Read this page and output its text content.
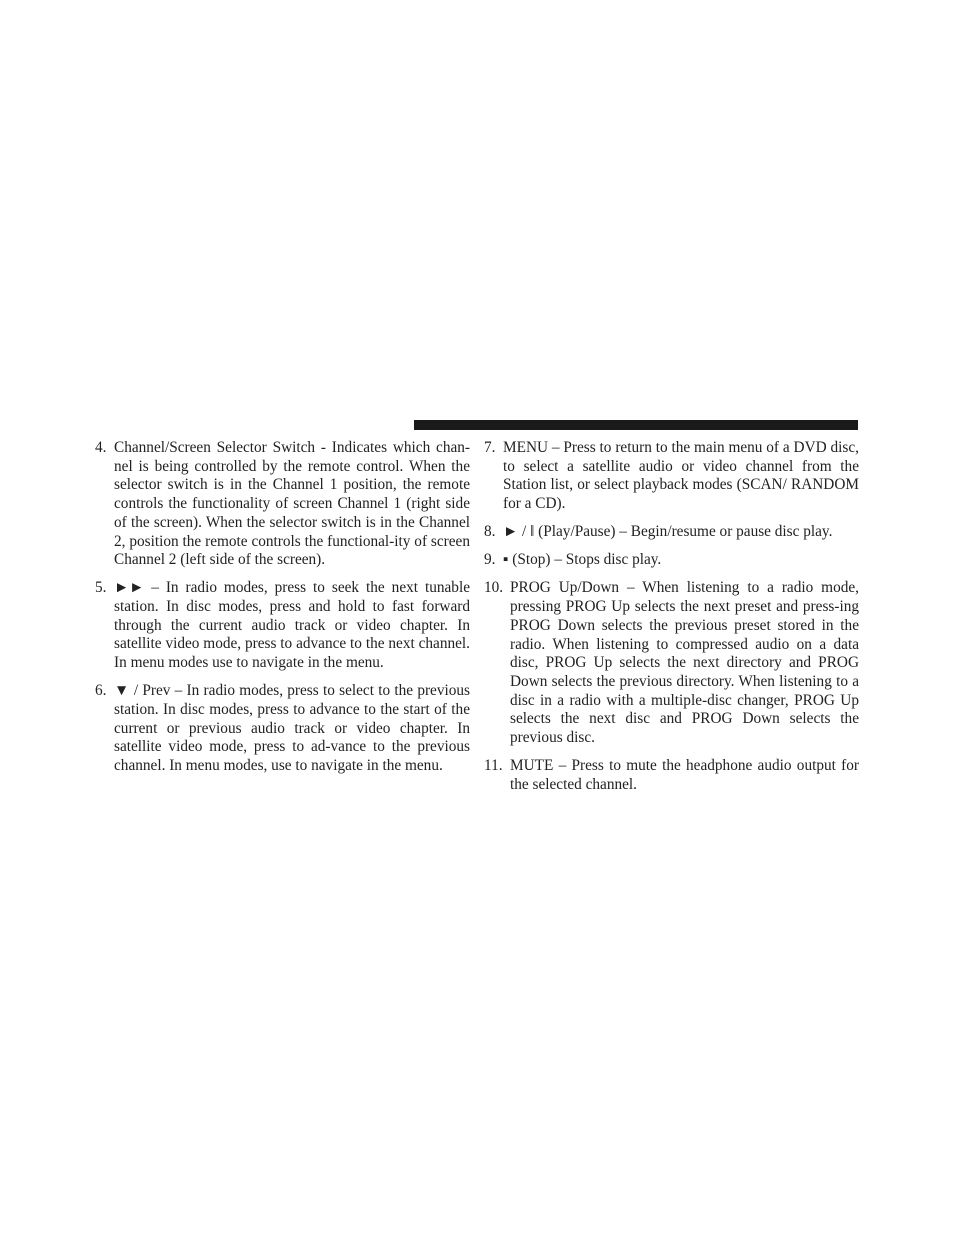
4. Channel/Screen Selector Switch - Indicates which chan-nel is being controlled by the remote control. When the selector switch is in the Channel 1 position, the remote controls the functionality of screen Channel 1 (right side of the screen). When the selector switch is in the Channel 2, position the remote controls the functional-ity of screen Channel 2 (left side of the screen).
5. ►► – In radio modes, press to seek the next tunable station. In disc modes, press and hold to fast forward through the current audio track or video chapter. In satellite video mode, press to advance to the next channel. In menu modes use to navigate in the menu.
6. ▼ / Prev – In radio modes, press to select to the previous station. In disc modes, press to advance to the start of the current or previous audio track or video chapter. In satellite video mode, press to ad-vance to the previous channel. In menu modes, use to navigate in the menu.
7. MENU – Press to return to the main menu of a DVD disc, to select a satellite audio or video channel from the Station list, or select playback modes (SCAN/ RANDOM for a CD).
8. ► / ‖ (Play/Pause) – Begin/resume or pause disc play.
9. ▪ (Stop) – Stops disc play.
10. PROG Up/Down – When listening to a radio mode, pressing PROG Up selects the next preset and press-ing PROG Down selects the previous preset stored in the radio. When listening to compressed audio on a data disc, PROG Up selects the next directory and PROG Down selects the previous directory. When listening to a disc in a radio with a multiple-disc changer, PROG Up selects the next disc and PROG Down selects the previous disc.
11. MUTE – Press to mute the headphone audio output for the selected channel.
